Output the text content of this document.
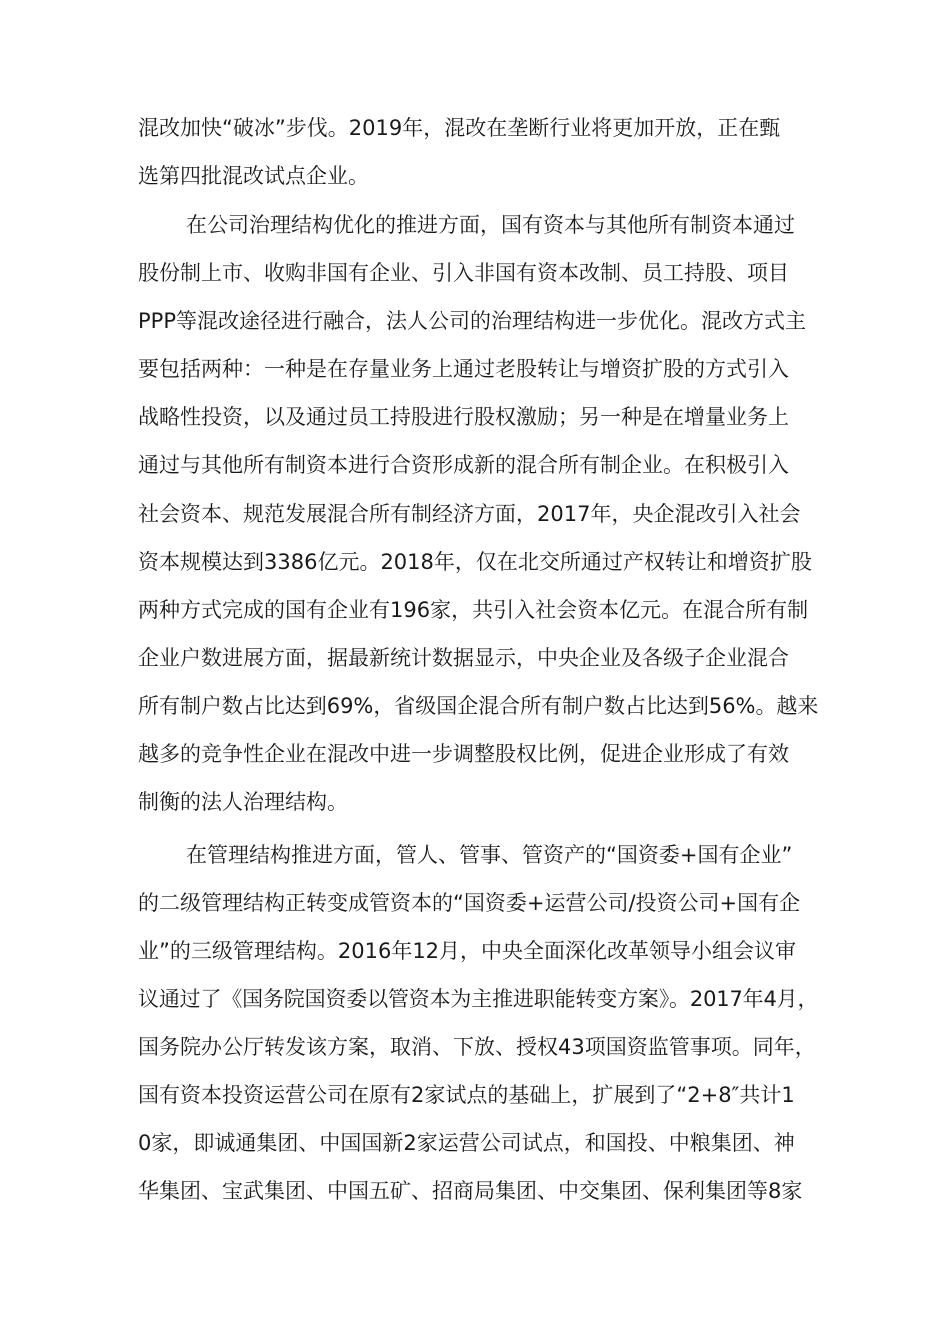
混改加快“破冰”步伐。2019年，混改在垄断行业将更加开放，正在甄
选第四批混改试点企业。
在公司治理结构优化的推进方面，国有资本与其他所有制资本通过
股份制上市、收购非国有企业、引入非国有资本改制、员工持股、项目
PPP等混改途径进行融合，法人公司的治理结构进一步优化。混改方式主
要包括两种：一种是在存量业务上通过老股转让与增资扩股的方式引入
战略性投资，以及通过员工持股进行股权激励；另一种是在增量业务上
通过与其他所有制资本进行合资形成新的混合所有制企业。在积极引入
社会资本、规范发展混合所有制经济方面，2017年，央企混改引入社会
资本规模达到3386亿元。2018年，仅在北交所通过产权转让和增资扩股
两种方式完成的国有企业有196家，共引入社会资本亿元。在混合所有制
企业户数进展方面，据最新统计数据显示，中央企业及各级子企业混合
所有制户数占比达到69%，省级国企混合所有制户数占比达到56%。越来
越多的竞争性企业在混改中进一步调整股权比例，促进企业形成了有效
制衡的法人治理结构。
在管理结构推进方面，管人、管事、管资产的“国资委+国有企业”
的二级管理结构正转变成管资本的“国资委+运营公司/投资公司+国有企
业”的三级管理结构。2016年12月，中央全面深化改革领导小组会议审
议通过了《国务院国资委以管资本为主推进职能转变方案》。2017年4月，
国务院办公厅转发该方案，取消、下放、授权43项国资监管事项。同年，
国有资本投资运营公司在原有2家试点的基础上，扩展到了“2+8″共计1
0家，即诚通集团、中国国新2家运营公司试点，和国投、中粮集团、神
华集团、宝武集团、中国五矿、招商局集团、中交集团、保利集团等8家
